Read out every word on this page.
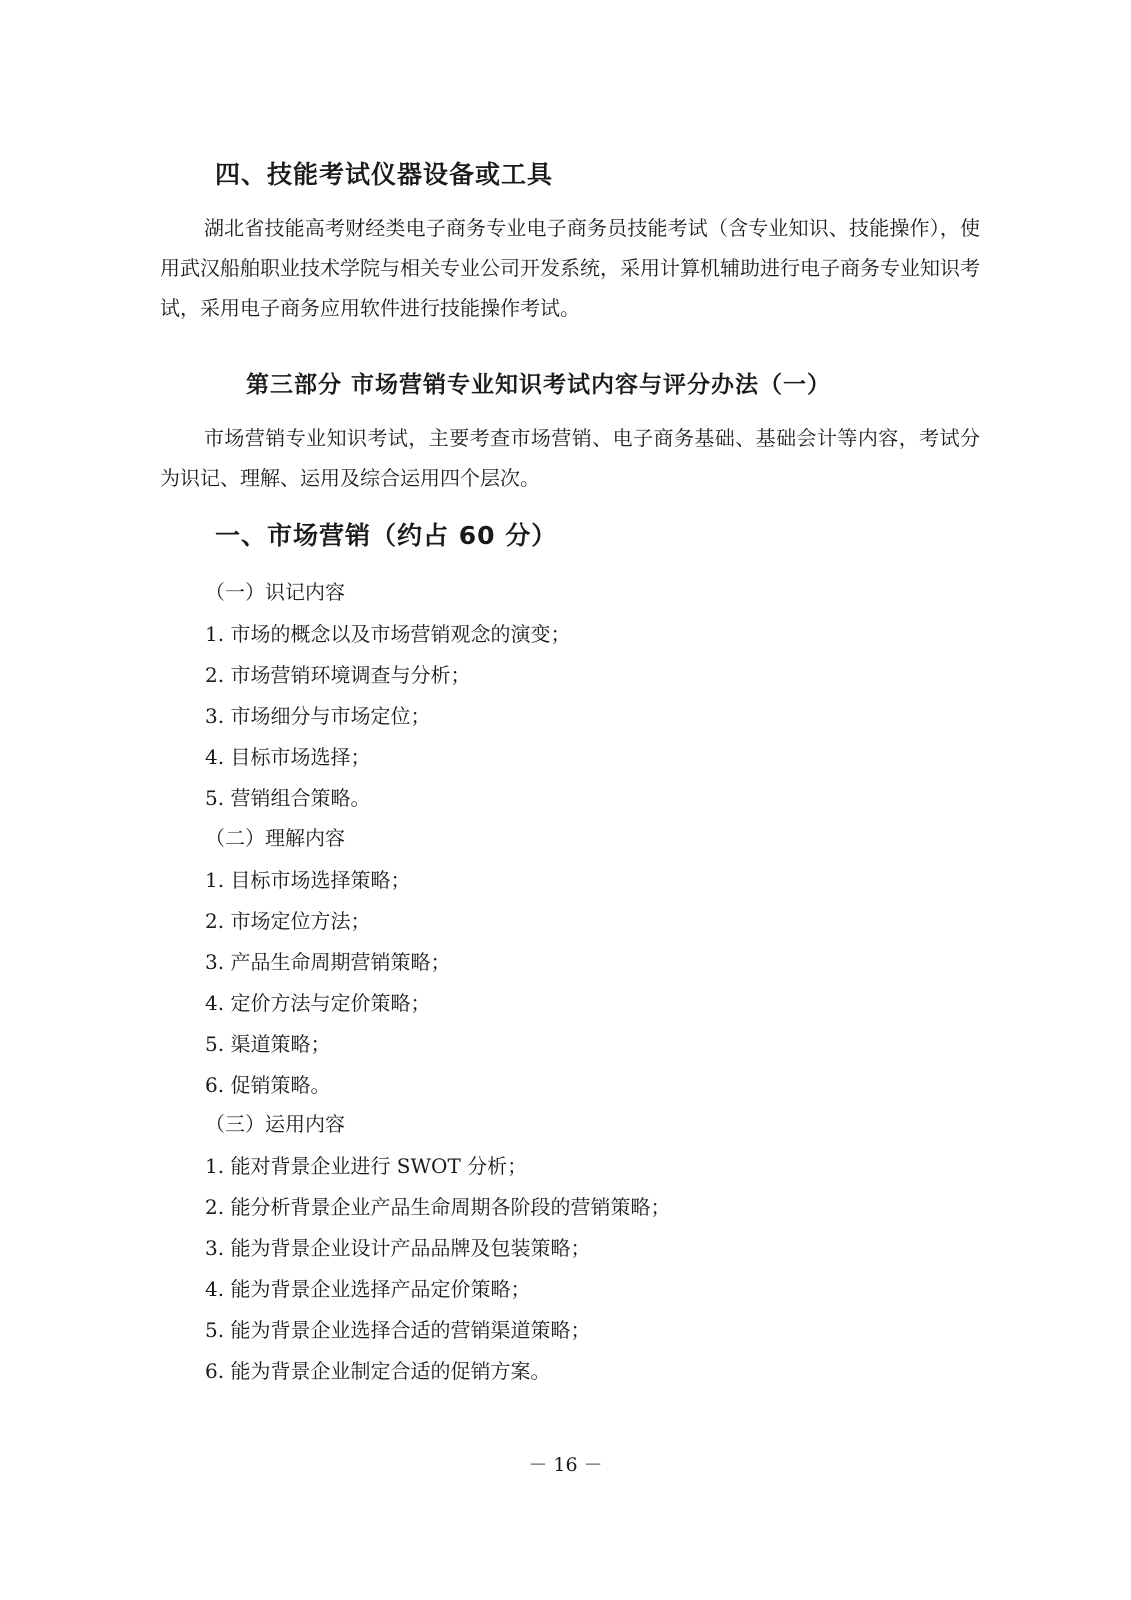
四、技能考试仪器设备或工具

湖北省技能高考财经类电子商务专业电子商务员技能考试（含专业知识、技能操作），使用武汉船舶职业技术学院与相关专业公司开发系统，采用计算机辅助进行电子商务专业知识考试，采用电子商务应用软件进行技能操作考试。

第三部分 市场营销专业知识考试内容与评分办法（一）

市场营销专业知识考试，主要考查市场营销、电子商务基础、基础会计等内容，考试分为识记、理解、运用及综合运用四个层次。

一、市场营销（约占 60 分）

（一）识记内容

1. 市场的概念以及市场营销观念的演变；

2. 市场营销环境调查与分析；

3. 市场细分与市场定位；

4. 目标市场选择；

5. 营销组合策略。

（二）理解内容

1. 目标市场选择策略；

2. 市场定位方法；

3. 产品生命周期营销策略；

4. 定价方法与定价策略；

5. 渠道策略；

6. 促销策略。

（三）运用内容

1. 能对背景企业进行 SWOT 分析；

2. 能分析背景企业产品生命周期各阶段的营销策略；

3. 能为背景企业设计产品品牌及包装策略；

4. 能为背景企业选择产品定价策略；

5. 能为背景企业选择合适的营销渠道策略；

6. 能为背景企业制定合适的促销方案。

－ 16 －
